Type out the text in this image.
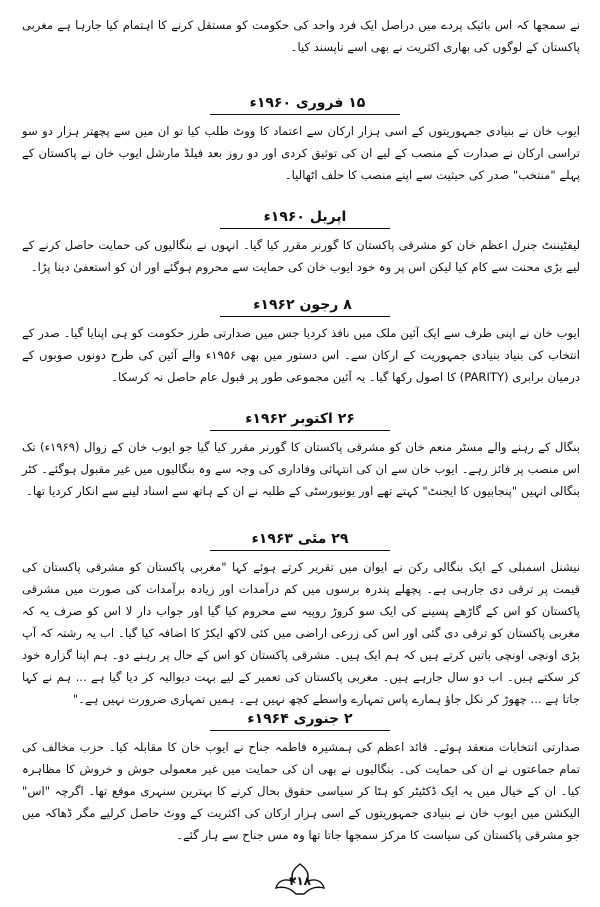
نے سمجھا کہ اس بائیک پردے میں دراصل ایک فرد واحد کی حکومت کو مستقل کرنے کا اہتمام کیا جارہا ہے مغربی پاکستان کے لوگوں کی بھاری اکثریت نے بھی اسے ناپسند کیا۔
۱۵ فروری ۱۹۶۰ء
ایوب خان نے بنیادی جمہوریتوں کے اسی ہزار ارکان سے اعتماد کا ووٹ طلب کیا تو ان میں سے پچھتر ہزار دو سو تراسی ارکان نے صدارت کے منصب کے لیے ان کی توثیق کردی اور دو روز بعد فیلڈ مارشل ایوب خان نے پاکستان کے پہلے "منتخب" صدر کی حیثیت سے اپنے منصب کا حلف اٹھالیا۔
اپریل ۱۹۶۰ء
لیفٹیننٹ جنرل اعظم خان کو مشرقی پاکستان کا گورنر مقرر کیا گیا۔ انہوں نے بنگالیوں کی حمایت حاصل کرنے کے لیے بڑی محنت سے کام کیا لیکن اس پر وہ خود ایوب خان کی حمایت سے محروم ہوگئے اور ان کو استعفیٰ دینا پڑا۔
۸ رجون ۱۹۶۲ء
ایوب خان نے اپنی طرف سے ایک آئین ملک میں نافذ کردیا جس میں صدارتی طرز حکومت کو ہی اپنایا گیا۔ صدر کے انتخاب کی بنیاد بنیادی جمہوریت کے ارکان سے۔ اس دستور میں بھی ۱۹۵۶ء والے آئین کی طرح دونوں صوبوں کے درمیان برابری (PARITY) کا اصول رکھا گیا۔ یہ آئین مجموعی طور پر قبول عام حاصل نہ کرسکا۔
۲۶ اکتوبر ۱۹۶۲ء
بنگال کے رہنے والے مسٹر منعم خان کو مشرقی پاکستان کا گورنر مقرر کیا گیا جو ایوب خان کے زوال (۱۹۶۹ء) تک اس منصب پر فائز رہے۔ ایوب خان سے ان کی انتہائی وفاداری کی وجہ سے وہ بنگالیوں میں غیر مقبول ہوگئے۔ کٹر بنگالی انہیں "پنجابیوں کا ایجنٹ" کہتے تھے اور یونیورسٹی کے طلبہ نے ان کے ہاتھ سے اسناد لینے سے انکار کردیا تھا۔
۲۹ مئی ۱۹۶۳ء
نیشنل اسمبلی کے ایک بنگالی رکن نے ایوان میں تقریر کرتے ہوئے کہا "مغربی پاکستان کو مشرقی پاکستان کی قیمت پر ترقی دی جارہی ہے۔ پچھلے پندرہ برسوں میں کم درآمدات اور زیادہ برآمدات کی صورت میں مشرقی پاکستان کو اس کے گاڑھے پسینے کی ایک سو کروڑ روپیہ سے محروم کیا گیا اور جواب دار لا اس کو صرف یہ کہ مغربی پاکستان کو ترقی دی گئی اور اس کی زرعی اراضی میں کئی لاکھ ایکڑ کا اضافہ کیا گیا۔ اب یہ رشتہ کہ آپ بڑی اونچی اونچی باتیں کرتے ہیں کہ ہم ایک ہیں۔ مشرقی پاکستان کو اس کے حال پر رہنے دو۔ ہم اپنا گزارہ خود کر سکتے ہیں۔ اب دو سال جارہے ہیں۔ مغربی پاکستان کی تعمیر کے لیے بہت دیوالیہ کر دیا گیا ہے ... ہم نے کہا جاتا ہے ... چھوڑ کر نکل جاؤ ہمارے پاس تمہارے واسطے کچھ نہیں ہے۔ ہمیں تمہاری ضرورت نہیں ہے۔"
۲ جنوری ۱۹۶۴ء
صدارتی انتخابات منعقد ہوئے۔ قائد اعظم کی ہمشیرہ فاطمہ جناح نے ایوب خان کا مقابلہ کیا۔ حزب مخالف کی تمام جماعتوں نے ان کی حمایت کی۔ بنگالیوں نے بھی ان کی حمایت میں غیر معمولی جوش و خروش کا مظاہرہ کیا۔ ان کے خیال میں یہ ایک ڈکٹیٹر کو ہٹا کر سیاسی حقوق بحال کرنے کا بہترین سنہری موقع تھا۔ اگرچہ "اس" الیکشن میں ایوب خان نے بنیادی جمہوریتوں کے اسی ہزار ارکان کی اکثریت کے ووٹ حاصل کرلیے مگر ڈھاکہ میں جو مشرقی پاکستان کی سیاست کا مرکز سمجھا جاتا تھا وہ مس جناح سے ہار گئے۔
۲۱۸
